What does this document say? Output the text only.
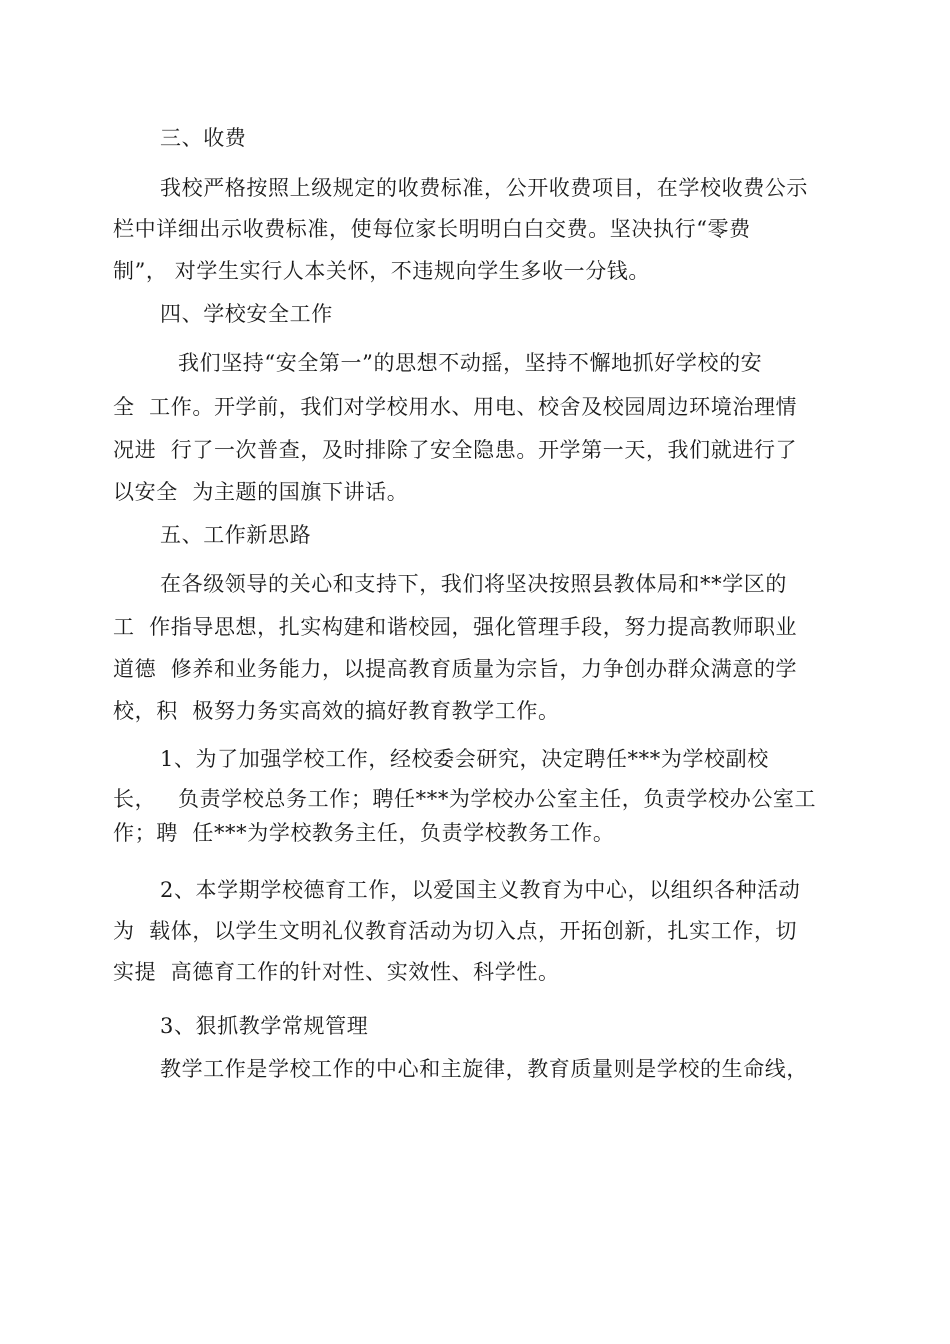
三、收费
我校严格按照上级规定的收费标准，公开收费项目，在学校收费公示
栏中详细出示收费标准，使每位家长明明白白交费。坚决执行“零费
制”， 对学生实行人本关怀，不违规向学生多收一分钱。
四、学校安全工作
我们坚持“安全第一”的思想不动摇，坚持不懈地抓好学校的安
全  工作。开学前，我们对学校用水、用电、校舍及校园周边环境治理情
况进  行了一次普查，及时排除了安全隐患。开学第一天，我们就进行了
以安全  为主题的国旗下讲话。
五、工作新思路
在各级领导的关心和支持下，我们将坚决按照县教体局和**学区的
工  作指导思想，扎实构建和谐校园，强化管理手段，努力提高教师职业
道德  修养和业务能力，以提高教育质量为宗旨，力争创办群众满意的学
校，积  极努力务实高效的搞好教育教学工作。
1、为了加强学校工作，经校委会研究，决定聘任***为学校副校
长，   负责学校总务工作；聘任***为学校办公室主任，负责学校办公室工
作；聘  任***为学校教务主任，负责学校教务工作。
2、本学期学校德育工作，以爱国主义教育为中心，以组织各种活动
为  载体，以学生文明礼仪教育活动为切入点，开拓创新，扎实工作，切
实提  高德育工作的针对性、实效性、科学性。
3、狠抓教学常规管理
教学工作是学校工作的中心和主旋律，教育质量则是学校的生命线，
